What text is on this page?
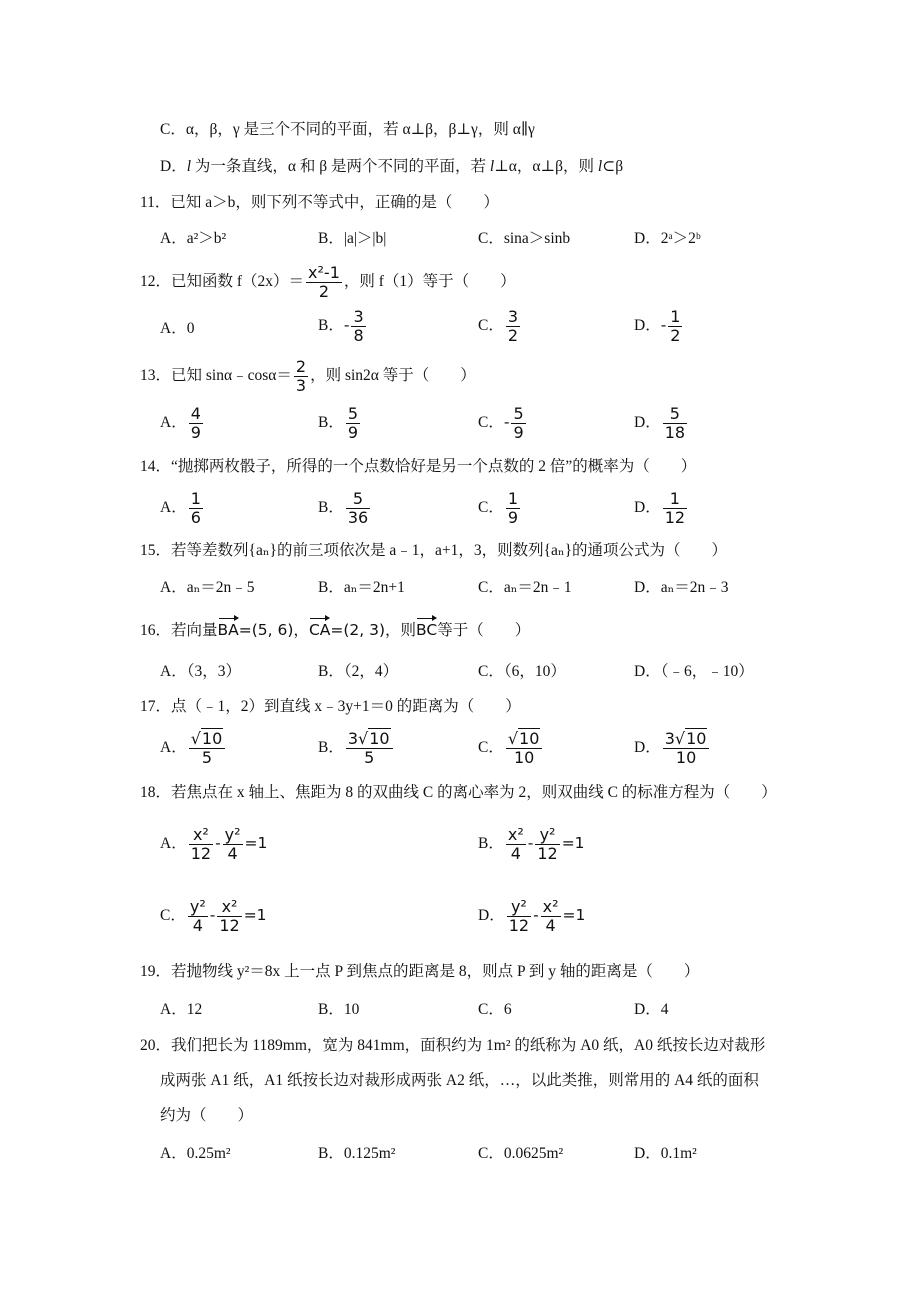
C．α，β，γ 是三个不同的平面，若 α⊥β，β⊥γ，则 α∥γ
D．l 为一条直线，α 和 β 是两个不同的平面，若 l⊥α，α⊥β，则 l⊂β
11．已知 a＞b，则下列不等式中，正确的是（　　）
A．a²＞b²	B．|a|＞|b|	C．sina＞sinb	D．2ᵃ＞2ᵇ
12．已知函数 $f(2x)= \frac{\text{x²-1}}{2}$ ，则 f（1）等于（　　）
A．0	B．- $\frac{3}{8}$	C． $\frac{3}{2}$	D．- $\frac{1}{2}$
13．已知 sinα﹣cosα＝ $\frac{2}{3}$ ，则 sin2α 等于（　　）
A． $\frac{4}{9}$	B． $\frac{5}{9}$	C．- $\frac{5}{9}$	D． $\frac{5}{18}$
14．“抛掷两枚骰子，所得的一个点数恰好是另一个点数的 2 倍”的概率为（　　）
A． $\frac{1}{6}$	B． $\frac{5}{36}$	C． $\frac{1}{9}$	D． $\frac{1}{12}$
15．若等差数列{aₙ}的前三项依次是 a﹣1，a+1，3，则数列{aₙ}的通项公式为（　　）
A．aₙ＝2n﹣5	B．aₙ＝2n+1	C．aₙ＝2n﹣1	D．aₙ＝2n﹣3
16．若向量BA=(5, 6)，CA=(2, 3)，则BC等于（　　）
A．（3，3）	B．（2，4）	C．（6，10）	D．（﹣6，﹣10）
17．点（﹣1，2）到直线 x﹣3y+1＝0 的距离为（　　）
A． $\frac{√10}{5}$	B． $\frac{3√10}{5}$	C． $\frac{√10}{10}$	D． $\frac{3√10}{10}$
18．若焦点在 x 轴上、焦距为 8 的双曲线 C 的离心率为 2，则双曲线 C 的标准方程为（　　）
A． $\frac{\text{x²}}{12} - \frac{\text{y²}}{4} =1$	B． $\frac{\text{x²}}{4} - \frac{\text{y²}}{12} =1$
C． $\frac{\text{y²}}{4} - \frac{\text{x²}}{12} =1$	D． $\frac{\text{y²}}{12} - \frac{\text{x²}}{4} =1$
19．若抛物线 y²＝8x 上一点 P 到焦点的距离是 8，则点 P 到 y 轴的距离是（　　）
A．12	B．10	C．6	D．4
20．我们把长为 1189mm，宽为 841mm，面积约为 1m² 的纸称为 A0 纸，A0 纸按长边对裁形
成两张 A1 纸，A1 纸按长边对裁形成两张 A2 纸，…，以此类推，则常用的 A4 纸的面积
约为（　　）
A．0.25m²	B．0.125m²	C．0.0625m²	D．0.1m²
